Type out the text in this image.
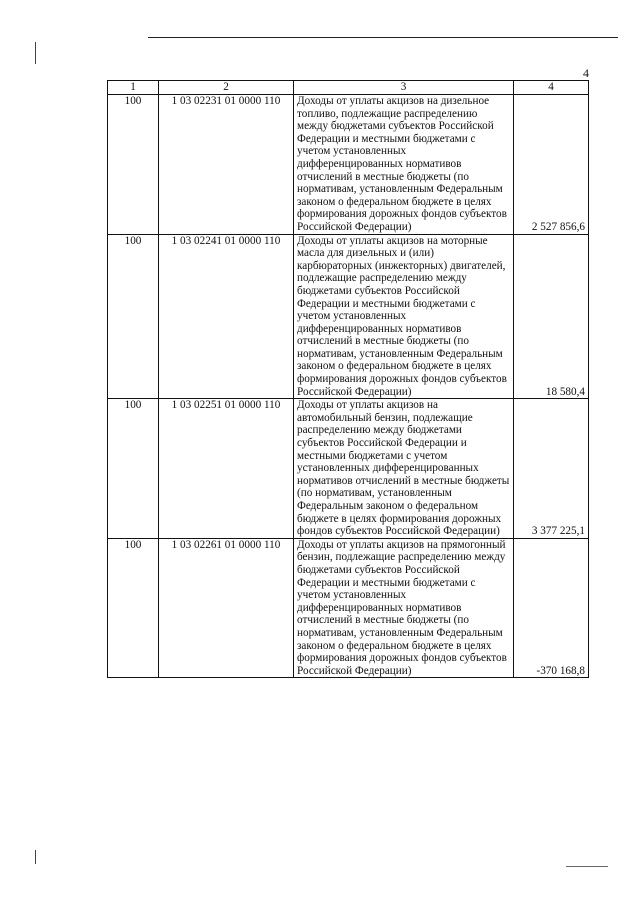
4
1	2	3	4
100	1 03 02231 01 0000 110	Доходы от уплаты акцизов на дизельное топливо, подлежащие распределению между бюджетами субъектов Российской Федерации и местными бюджетами с учетом установленных дифференцированных нормативов отчислений в местные бюджеты (по нормативам, установленным Федеральным законом о федеральном бюджете в целях формирования дорожных фондов субъектов Российской Федерации)	2 527 856,6
100	1 03 02241 01 0000 110	Доходы от уплаты акцизов на моторные масла для дизельных и (или) карбюраторных (инжекторных) двигателей, подлежащие распределению между бюджетами субъектов Российской Федерации и местными бюджетами с учетом установленных дифференцированных нормативов отчислений в местные бюджеты (по нормативам, установленным Федеральным законом о федеральном бюджете в целях формирования дорожных фондов субъектов Российской Федерации)	18 580,4
100	1 03 02251 01 0000 110	Доходы от уплаты акцизов на автомобильный бензин, подлежащие распределению между бюджетами субъектов Российской Федерации и местными бюджетами с учетом установленных дифференцированных нормативов отчислений в местные бюджеты (по нормативам, установленным Федеральным законом о федеральном бюджете в целях формирования дорожных фондов субъектов Российской Федерации)	3 377 225,1
100	1 03 02261 01 0000 110	Доходы от уплаты акцизов на прямогонный бензин, подлежащие распределению между бюджетами субъектов Российской Федерации и местными бюджетами с учетом установленных дифференцированных нормативов отчислений в местные бюджеты (по нормативам, установленным Федеральным законом о федеральном бюджете в целях формирования дорожных фондов субъектов Российской Федерации)	-370 168,8
